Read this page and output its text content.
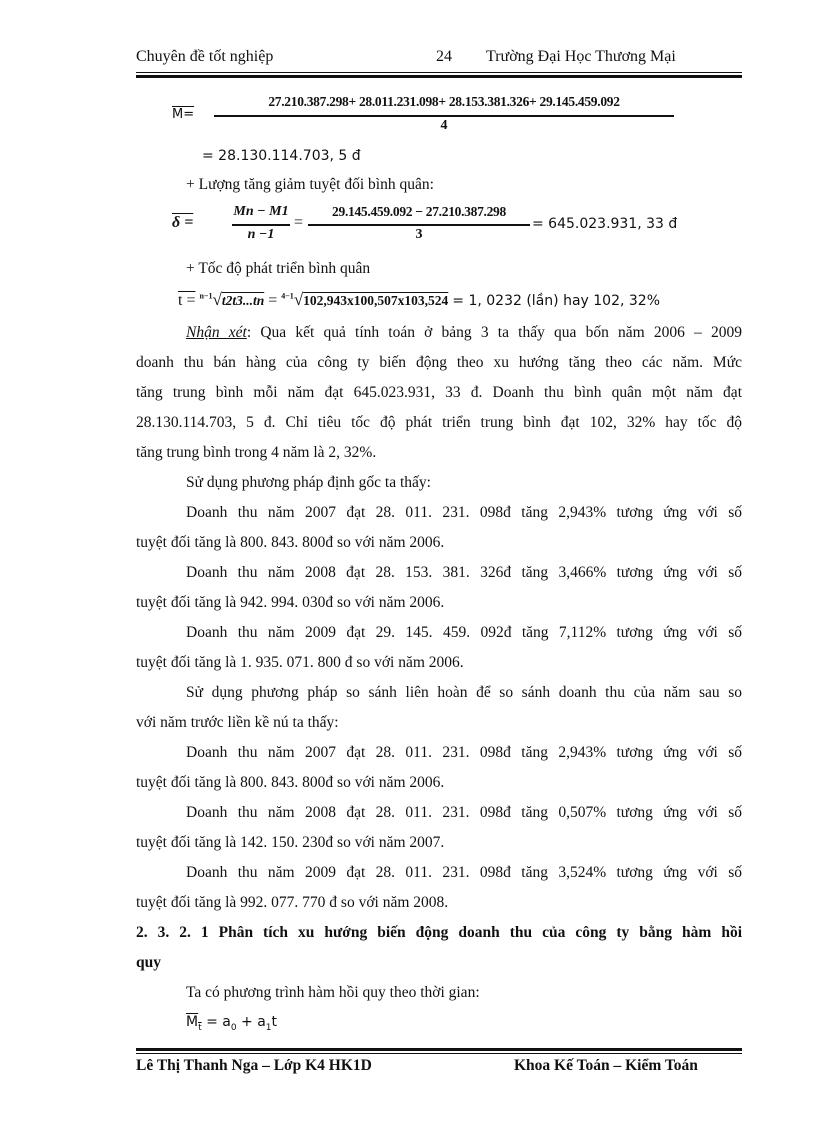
Chuyên đề tốt nghiệp	24 Trường Đại Học Thương Mại
M=
27.210.387.298+ 28.011.231.098+ 28.153.381.326+ 29.145.459.092
4
= 28.130.114.703, 5 đ
+ Lượng tăng giảm tuyệt đối bình quân:
δ =
Mn − M1
n −1
=
29.145.459.092 − 27.210.387.298
3
= 645.023.931, 33 đ
+ Tốc độ phát triển bình quân
t = $^{n-1}$√t2t3...tn = $^{4-1}$√102,943x100,507x103,524 = 1, 0232 (lần) hay 102, 32%
Nhận xét: Qua kết quả tính toán ở bảng 3 ta thấy qua bốn năm 2006 – 2009
doanh thu bán hàng của công ty biến động theo xu hướng tăng theo các năm. Mức
tăng trung bình mỗi năm đạt 645.023.931, 33 đ. Doanh thu bình quân một năm đạt
28.130.114.703, 5 đ. Chỉ tiêu tốc độ phát triển trung bình đạt 102, 32% hay tốc độ
tăng trung bình trong 4 năm là 2, 32%.
Sử dụng phương pháp định gốc ta thấy:
Doanh thu năm 2007 đạt 28. 011. 231. 098đ tăng 2,943% tương ứng với số
tuyệt đối tăng là 800. 843. 800đ so với năm 2006.
Doanh thu năm 2008 đạt 28. 153. 381. 326đ tăng 3,466% tương ứng với số
tuyệt đối tăng là 942. 994. 030đ so với năm 2006.
Doanh thu năm 2009 đạt 29. 145. 459. 092đ tăng 7,112% tương ứng với số
tuyệt đối tăng là 1. 935. 071. 800 đ so với năm 2006.
Sử dụng phương pháp so sánh liên hoàn để so sánh doanh thu của năm sau so
với năm trước liền kề nú ta thấy:
Doanh thu năm 2007 đạt 28. 011. 231. 098đ tăng 2,943% tương ứng với số
tuyệt đối tăng là 800. 843. 800đ so với năm 2006.
Doanh thu năm 2008 đạt 28. 011. 231. 098đ tăng 0,507% tương ứng với số
tuyệt đối tăng là 142. 150. 230đ so với năm 2007.
Doanh thu năm 2009 đạt 28. 011. 231. 098đ tăng 3,524% tương ứng với số
tuyệt đối tăng là 992. 077. 770 đ so với năm 2008.
2. 3. 2. 1 Phân tích xu hướng biến động doanh thu của công ty bằng hàm hồi
quy
Ta có phương trình hàm hồi quy theo thời gian:
$M_t = a_0 + a_1t$
Lê Thị Thanh Nga – Lớp K4 HK1D	Khoa Kế Toán – Kiểm Toán
